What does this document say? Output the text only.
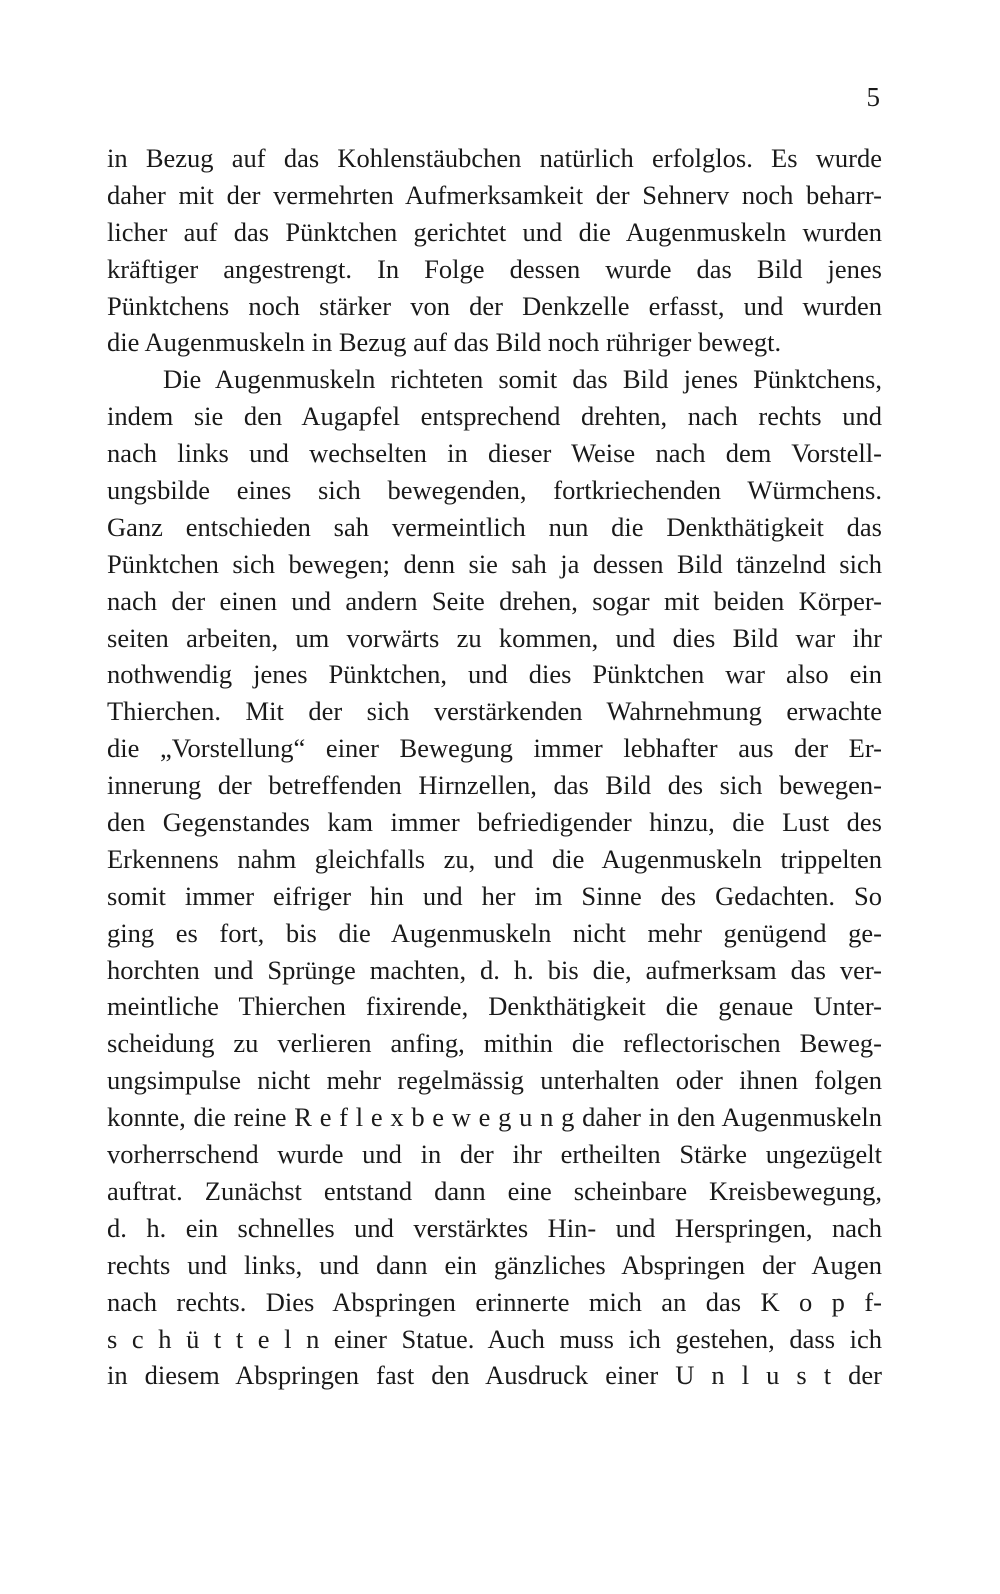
5
in Bezug auf das Kohlenstäubchen natürlich erfolglos. Es wurde
daher mit der vermehrten Aufmerksamkeit der Sehnerv noch beharr-
licher auf das Pünktchen gerichtet und die Augenmuskeln wurden
kräftiger angestrengt. In Folge dessen wurde das Bild jenes
Pünktchens noch stärker von der Denkzelle erfasst, und wurden
die Augenmuskeln in Bezug auf das Bild noch rühriger bewegt.
Die Augenmuskeln richteten somit das Bild jenes Pünktchens,
indem sie den Augapfel entsprechend drehten, nach rechts und
nach links und wechselten in dieser Weise nach dem Vorstell-
ungsbilde eines sich bewegenden, fortkriechenden Würmchens.
Ganz entschieden sah vermeintlich nun die Denkthätigkeit das
Pünktchen sich bewegen; denn sie sah ja dessen Bild tänzelnd sich
nach der einen und andern Seite drehen, sogar mit beiden Körper-
seiten arbeiten, um vorwärts zu kommen, und dies Bild war ihr
nothwendig jenes Pünktchen, und dies Pünktchen war also ein
Thierchen. Mit der sich verstärkenden Wahrnehmung erwachte
die „Vorstellung“ einer Bewegung immer lebhafter aus der Er-
innerung der betreffenden Hirnzellen, das Bild des sich bewegen-
den Gegenstandes kam immer befriedigender hinzu, die Lust des
Erkennens nahm gleichfalls zu, und die Augenmuskeln trippelten
somit immer eifriger hin und her im Sinne des Gedachten. So
ging es fort, bis die Augenmuskeln nicht mehr genügend ge-
horchten und Sprünge machten, d. h. bis die, aufmerksam das ver-
meintliche Thierchen fixirende, Denkthätigkeit die genaue Unter-
scheidung zu verlieren anfing, mithin die reflectorischen Beweg-
ungsimpulse nicht mehr regelmässig unterhalten oder ihnen folgen
konnte, die reine R e f l e x b e w e g u n g daher in den Augenmuskeln
vorherrschend wurde und in der ihr ertheilten Stärke ungezügelt
auftrat. Zunächst entstand dann eine scheinbare Kreisbewegung,
d. h. ein schnelles und verstärktes Hin- und Herspringen, nach
rechts und links, und dann ein gänzliches Abspringen der Augen
nach rechts. Dies Abspringen erinnerte mich an das K o p f-
s c h ü t t e l n einer Statue. Auch muss ich gestehen, dass ich
in diesem Abspringen fast den Ausdruck einer U n l u s t der
